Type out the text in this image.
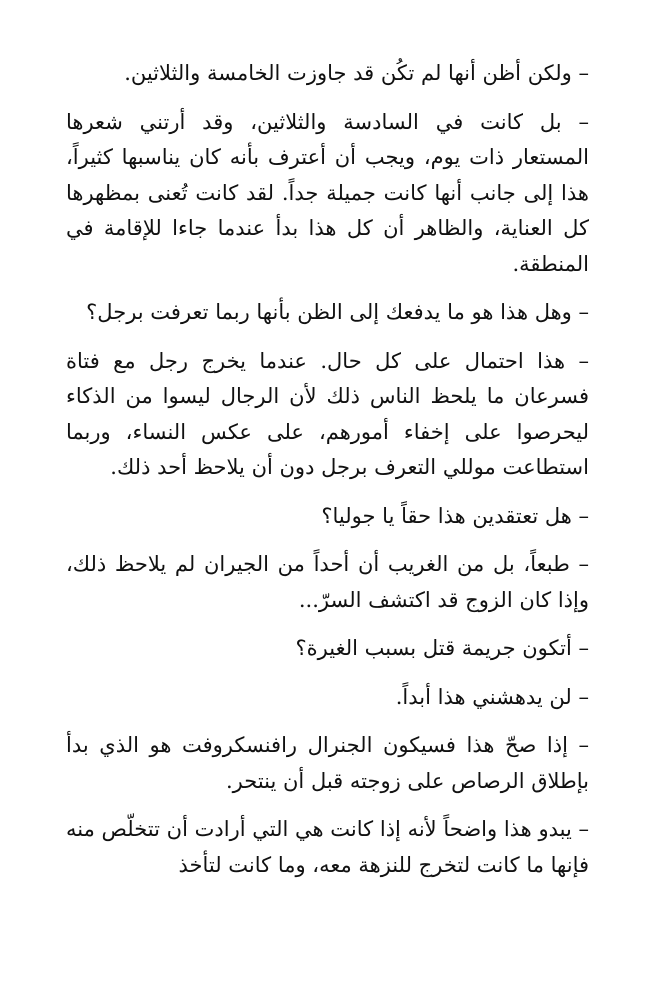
– ولكن أظن أنها لم تكُن قد جاوزت الخامسة والثلاثين.

– بل كانت في السادسة والثلاثين، وقد أرتني شعرها المستعار ذات يوم، ويجب أن أعترف بأنه كان يناسبها كثيراً، هذا إلى جانب أنها كانت جميلة جداً. لقد كانت تُعنى بمظهرها كل العناية، والظاهر أن كل هذا بدأ عندما جاءا للإقامة في المنطقة.

– وهل هذا هو ما يدفعك إلى الظن بأنها ربما تعرفت برجل؟

– هذا احتمال على كل حال. عندما يخرج رجل مع فتاة فسرعان ما يلحظ الناس ذلك لأن الرجال ليسوا من الذكاء ليحرصوا على إخفاء أمورهم، على عكس النساء، وربما استطاعت موللي التعرف برجل دون أن يلاحظ أحد ذلك.

– هل تعتقدين هذا حقاً يا جوليا؟

– طبعاً، بل من الغريب أن أحداً من الجيران لم يلاحظ ذلك، وإذا كان الزوج قد اكتشف السرّ...

– أتكون جريمة قتل بسبب الغيرة؟

– لن يدهشني هذا أبداً.

– إذا صحّ هذا فسيكون الجنرال رافنسكروفت هو الذي بدأ بإطلاق الرصاص على زوجته قبل أن ينتحر.

– يبدو هذا واضحاً لأنه إذا كانت هي التي أرادت أن تتخلّص منه فإنها ما كانت لتخرج للنزهة معه، وما كانت لتأخذ
